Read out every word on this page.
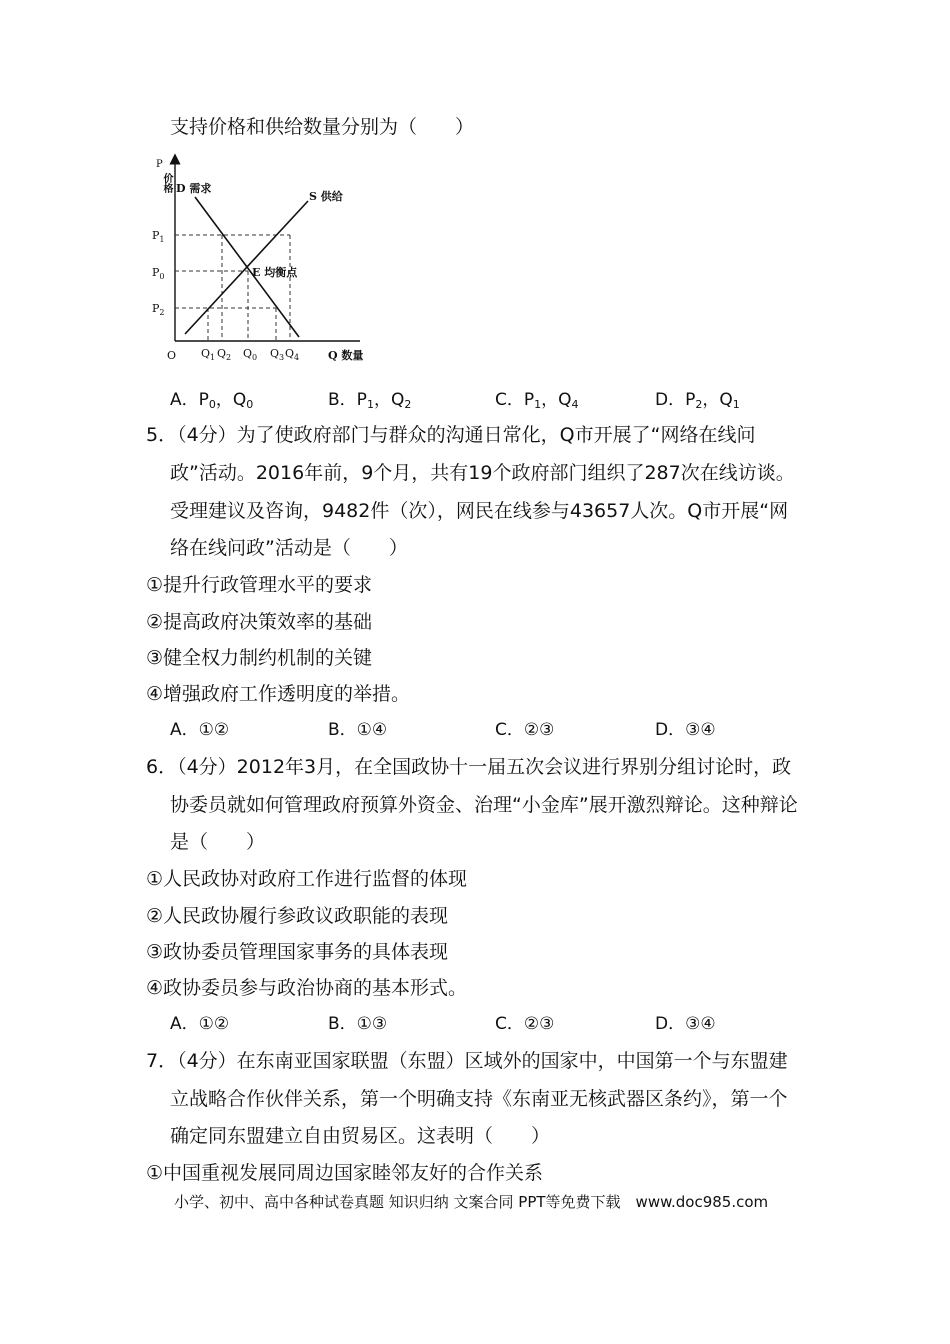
支持价格和供给数量分别为（　　）
P
价格
D 需求
S 供给
E 均衡点
O	Q 数量
$P_1$
$P_0$
$P_2$
$Q_1$ $Q_2$ $Q_0$ $Q_3$ $Q_4$
A．$P_0$，$Q_0$	B．$P_1$，$Q_2$	C．$P_1$，$Q_4$	D．$P_2$，$Q_1$
5．（4分）为了使政府部门与群众的沟通日常化，Q市开展了“网络在线问
政”活动。2016年前，9个月，共有19个政府部门组织了287次在线访谈。
受理建议及咨询，9482件（次），网民在线参与43657人次。Q市开展“网
络在线问政”活动是（　　）
①提升行政管理水平的要求
②提高政府决策效率的基础
③健全权力制约机制的关键
④增强政府工作透明度的举措。
A．①②	B．①④	C．②③	D．③④
6．（4分）2012年3月，在全国政协十一届五次会议进行界别分组讨论时，政
协委员就如何管理政府预算外资金、治理“小金库”展开激烈辩论。这种辩论
是（　　）
①人民政协对政府工作进行监督的体现
②人民政协履行参政议政职能的表现
③政协委员管理国家事务的具体表现
④政协委员参与政治协商的基本形式。
A．①②	B．①③	C．②③	D．③④
7．（4分）在东南亚国家联盟（东盟）区域外的国家中，中国第一个与东盟建
立战略合作伙伴关系，第一个明确支持《东南亚无核武器区条约》，第一个
确定同东盟建立自由贸易区。这表明（　　）
①中国重视发展同周边国家睦邻友好的合作关系
小学、初中、高中各种试卷真题 知识归纳 文案合同 PPT等免费下载　www.doc985.com
